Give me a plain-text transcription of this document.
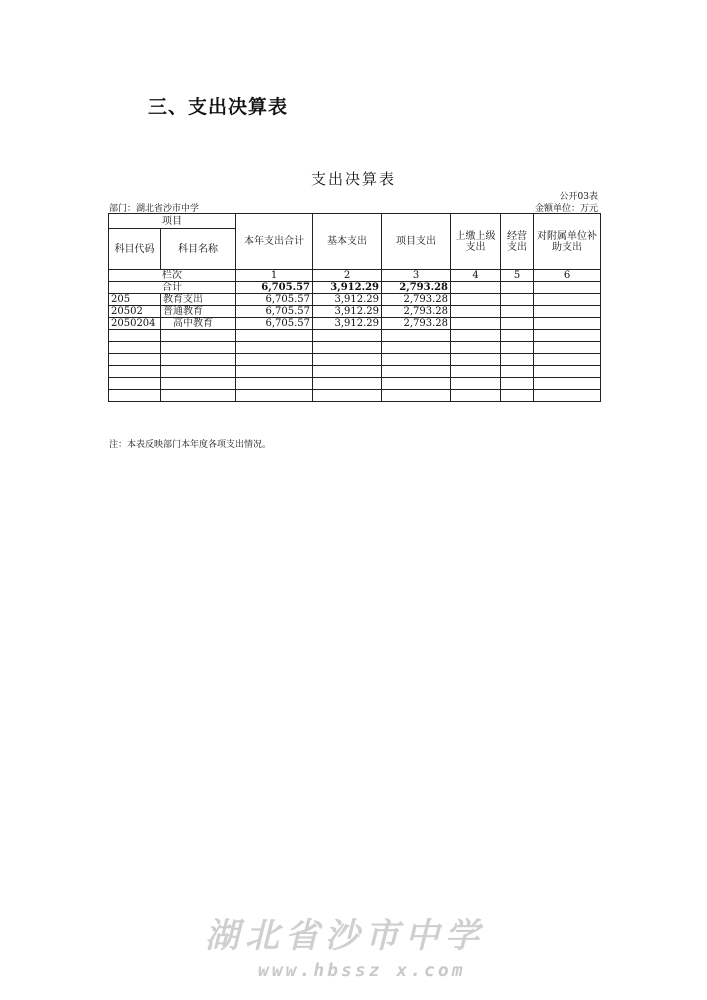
三、支出决算表
支出决算表
公开03表
部门：湖北省沙市中学	金额单位：万元
项目		本年支出合计	基本支出	项目支出	上缴上级支出	经营支出	对附属单位补助支出
科目代码	科目名称						
栏次		1	2	3	4	5	6
合计		6,705.57	3,912.29	2,793.28			
205	教育支出	6,705.57	3,912.29	2,793.28			
20502	普通教育	6,705.57	3,912.29	2,793.28			
2050204	高中教育	6,705.57	3,912.29	2,793.28			

注：本表反映部门本年度各项支出情况。
湖北省沙市中学
www.hbssz x.com
